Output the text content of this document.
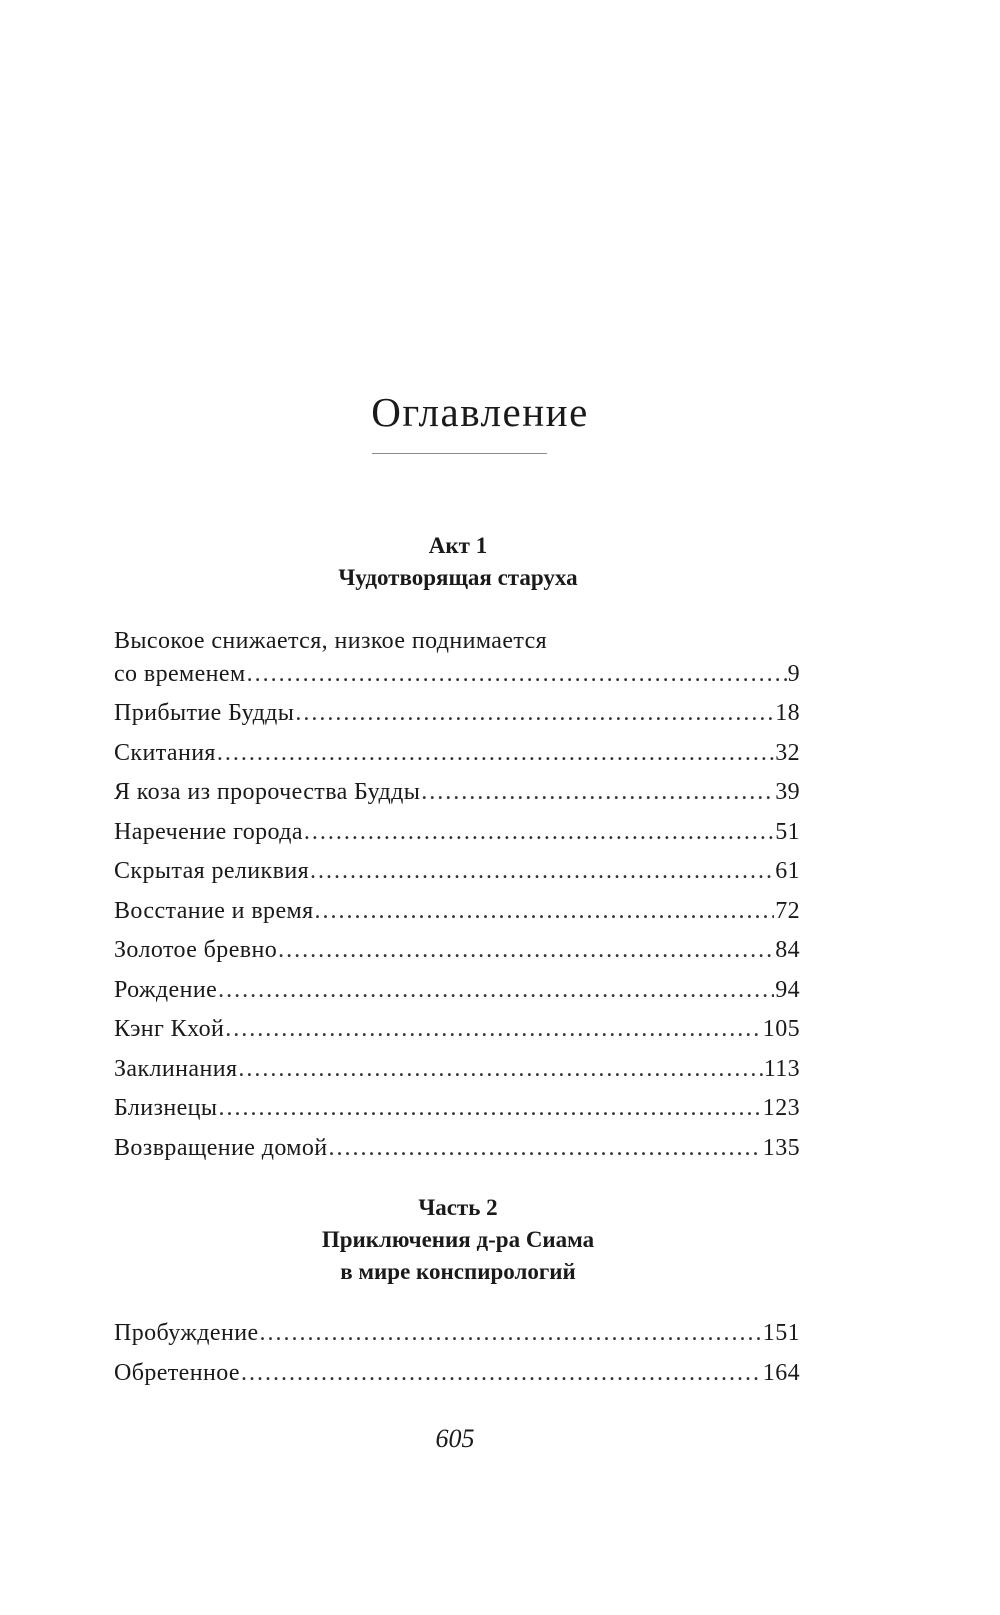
Оглавление
Акт 1
Чудотворящая старуха
Высокое снижается, низкое поднимается
со временем .....	9
Прибытие Будды .....	18
Скитания .....	32
Я коза из пророчества Будды .....	39
Наречение города .....	51
Скрытая реликвия .....	61
Восстание и время .....	72
Золотое бревно .....	84
Рождение .....	94
Кэнг Кхой .....	105
Заклинания .....	113
Близнецы .....	123
Возвращение домой .....	135
Часть 2
Приключения д-ра Сиама
в мире конспирологий
Пробуждение .....	151
Обретенное .....	164
605
